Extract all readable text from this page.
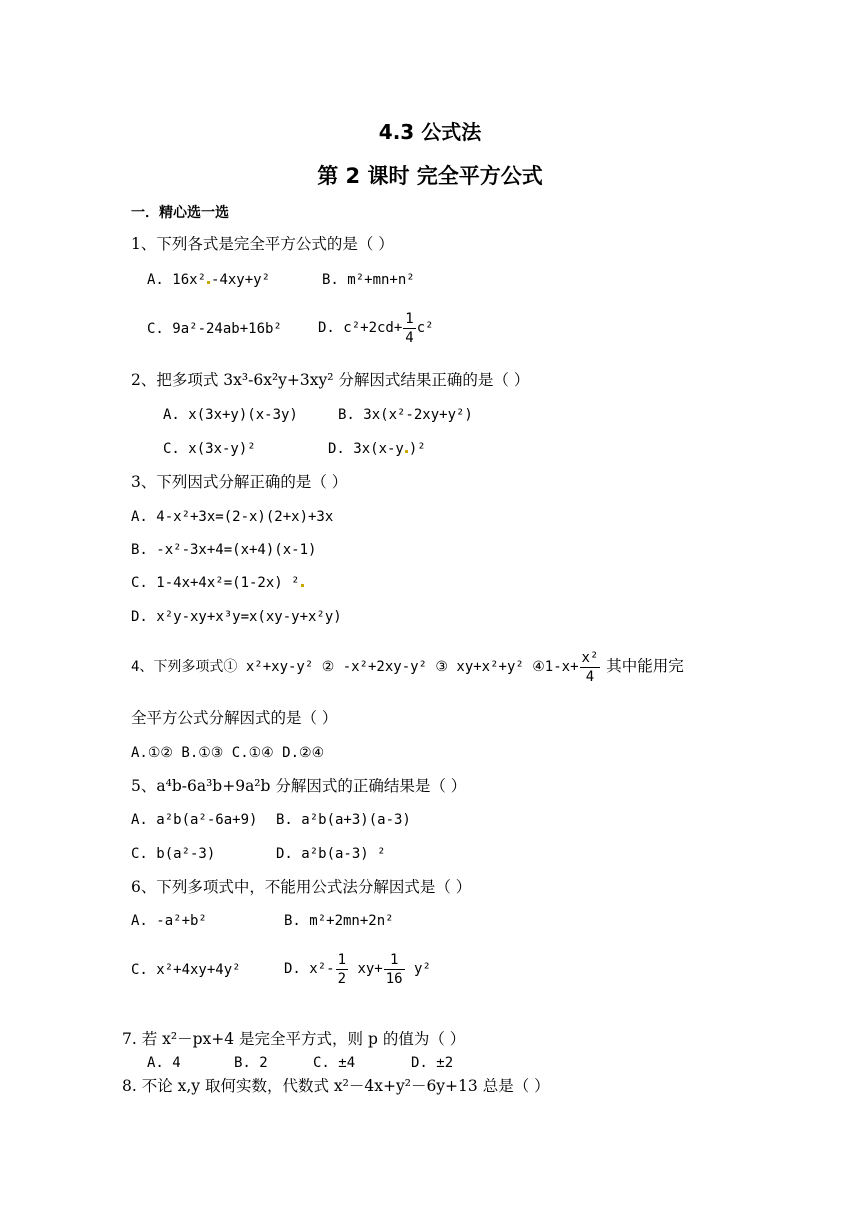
4.3 公式法
第 2 课时 完全平方公式
一．精心选一选
1、下列各式是完全平方公式的是（ ）
A. 16x² -4xy+y²	B. m²+mn+n²
C. 9a²-24ab+16b²	D. $c^2+2cd+ \frac{1}{4} c^2$
2、把多项式 3x³-6x²y+3xy² 分解因式结果正确的是（ ）
A. x(3x+y)(x-3y)	B. 3x(x²-2xy+y²)
C. x(3x-y)²	D. 3x(x-y )²
3、下列因式分解正确的是（ ）
A. 4-x²+3x=(2-x)(2+x)+3x
B. -x²-3x+4=(x+4)(x-1)
C. 1-4x+4x²=(1-2x) ²
D. x²y-xy+x³y=x(xy-y+x²y)
4、下列多项式① x²+xy-y² ② -x²+2xy-y² ③ xy+x²+y² ④1-x+ $\frac{\text{x²}}{4}$ 其中能用完
全平方公式分解因式的是（ ）
A.①② B.①③ C.①④ D.②④
5、a⁴b-6a³b+9a²b 分解因式的正确结果是（ ）
A. a²b(a²-6a+9) B. a²b(a+3)(a-3)
C. b(a²-3)	D. a²b(a-3) ²
6、下列多项式中，不能用公式法分解因式是（ ）
A. -a²+b²	B. m²+2mn+2n²
C. x²+4xy+4y²	D. $x^2- \frac{1}{2} xy+ \frac{1}{16} y^2$
7. 若 x²－px+4 是完全平方式，则 p 的值为（ ）
A. 4	B. 2	C. ±4	D. ±2
8. 不论 x,y 取何实数，代数式 x²－4x+y²－6y+13 总是（ ）
